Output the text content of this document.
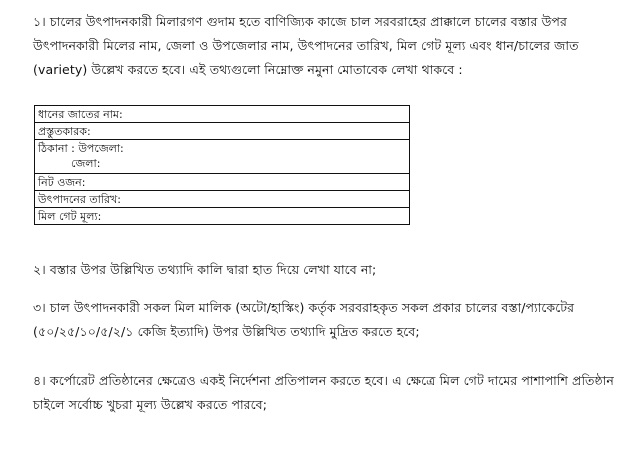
১। চালের উৎপাদনকারী মিলারগণ গুদাম হতে বাণিজ্যিক কাজে চাল সরবরাহের প্রাক্কালে চালের বস্তার উপর
উৎপাদনকারী মিলের নাম, জেলা ও উপজেলার নাম, উৎপাদনের তারিখ, মিল গেট মূল্য এবং ধান/চালের জাত
(variety) উল্লেখ করতে হবে। এই তথ্যগুলো নিম্নোক্ত নমুনা মোতাবেক লেখা থাকবে :
ধানের জাতের নাম:
প্রস্তুতকারক:

ঠিকানা : উপজেলা:
জেলা:

নিট ওজন:
উৎপাদনের তারিখ:
মিল গেট মূল্য:
২। বস্তার উপর উল্লিখিত তথ্যাদি কালি দ্বারা হাত দিয়ে লেখা যাবে না;
৩। চাল উৎপাদনকারী সকল মিল মালিক (অটো/হাস্কিং) কর্তৃক সরবরাহকৃত সকল প্রকার চালের বস্তা/প্যাকেটের
(৫০/২৫/১০/৫/২/১ কেজি ইত্যাদি) উপর উল্লিখিত তথ্যাদি মুদ্রিত করতে হবে;
৪। কর্পোরেট প্রতিষ্ঠানের ক্ষেত্রেও একই নির্দেশনা প্রতিপালন করতে হবে। এ ক্ষেত্রে মিল গেট দামের পাশাপাশি প্রতিষ্ঠান
চাইলে সর্বোচ্চ খুচরা মূল্য উল্লেখ করতে পারবে;
